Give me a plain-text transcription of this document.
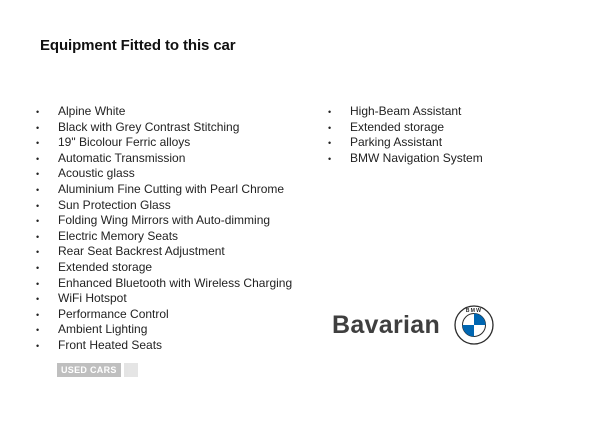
Equipment Fitted to this car
• Alpine White
• Black with Grey Contrast Stitching
• 19" Bicolour Ferric alloys
• Automatic Transmission
• Acoustic glass
• Aluminium Fine Cutting with Pearl Chrome
• Sun Protection Glass
• Folding Wing Mirrors with Auto-dimming
• Electric Memory Seats
• Rear Seat Backrest Adjustment
• Extended storage
• Enhanced Bluetooth with Wireless Charging
• WiFi Hotspot
• Performance Control
• Ambient Lighting
• Front Heated Seats
• High-Beam Assistant
• Extended storage
• Parking Assistant
• BMW Navigation System
Bavarian	BMW
USED CARS
